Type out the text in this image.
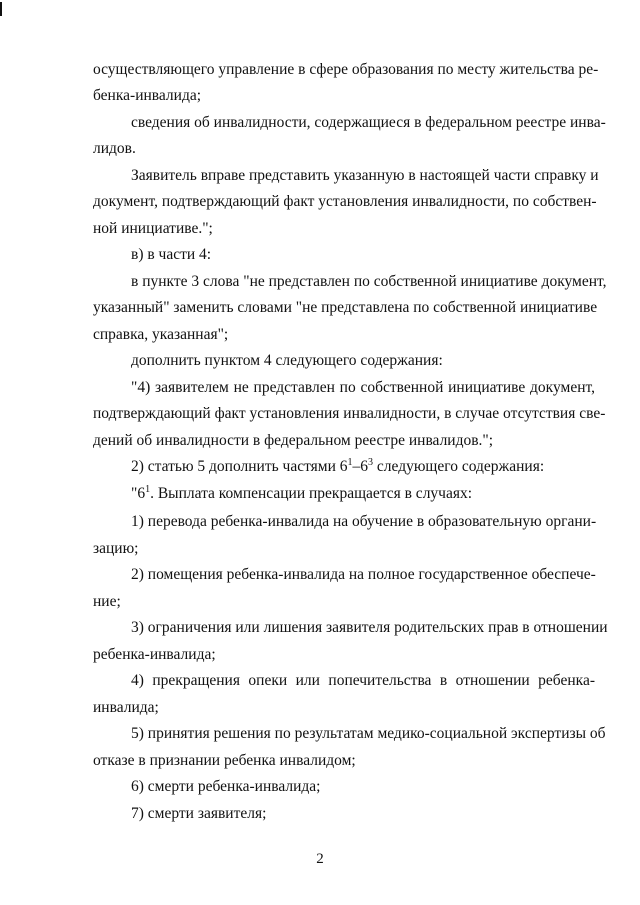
осуществляющего управление в сфере образования по месту жительства ре-
бенка-инвалида;
сведения об инвалидности, содержащиеся в федеральном реестре инва-
лидов.
Заявитель вправе представить указанную в настоящей части справку и
документ, подтверждающий факт установления инвалидности, по собствен-
ной инициативе.";
в) в части 4:
в пункте 3 слова "не представлен по собственной инициативе документ,
указанный" заменить словами "не представлена по собственной инициативе
справка, указанная";
дополнить пунктом 4 следующего содержания:
"4) заявителем не представлен по собственной инициативе документ,
подтверждающий факт установления инвалидности, в случае отсутствия све-
дений об инвалидности в федеральном реестре инвалидов.";
2) статью 5 дополнить частями $6^1-6^3$ следующего содержания:
"$6^1$. Выплата компенсации прекращается в случаях:
1) перевода ребенка-инвалида на обучение в образовательную органи-
зацию;
2) помещения ребенка-инвалида на полное государственное обеспече-
ние;
3) ограничения или лишения заявителя родительских прав в отношении
ребенка-инвалида;
4) прекращения опеки или попечительства в отношении ребенка-
инвалида;
5) принятия решения по результатам медико-социальной экспертизы об
отказе в признании ребенка инвалидом;
6) смерти ребенка-инвалида;
7) смерти заявителя;
2
